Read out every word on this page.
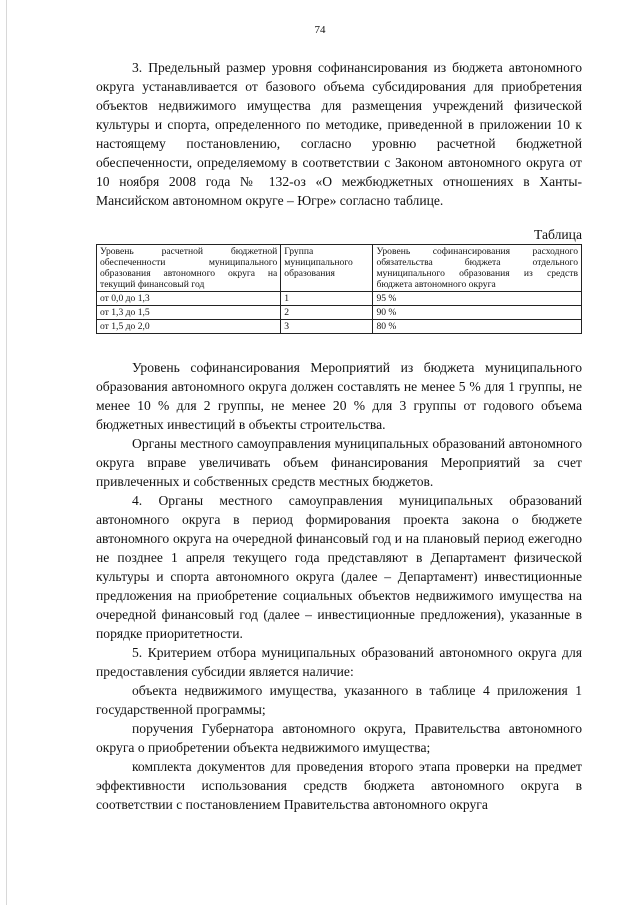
74

3. Предельный размер уровня софинансирования из бюджета автономного округа устанавливается от базового объема субсидирования для приобретения объектов недвижимого имущества для размещения учреждений физической культуры и спорта, определенного по методике, приведенной в приложении 10 к настоящему постановлению, согласно уровню расчетной бюджетной обеспеченности, определяемому в соответствии с Законом автономного округа от 10 ноября 2008 года № 132-оз «О межбюджетных отношениях в Ханты-Мансийском автономном округе – Югре» согласно таблице.

Таблица
Уровень расчетной бюджетной обеспеченности муниципального образования автономного округа на текущий финансовый год	Группа муниципального образования	Уровень софинансирования расходного обязательства бюджета отдельного муниципального образования из средств бюджета автономного округа
от 0,0 до 1,3	1	95 %
от 1,3 до 1,5	2	90 %
от 1,5 до 2,0	3	80 %

Уровень софинансирования Мероприятий из бюджета муниципального образования автономного округа должен составлять не менее 5 % для 1 группы, не менее 10 % для 2 группы, не менее 20 % для 3 группы от годового объема бюджетных инвестиций в объекты строительства.

Органы местного самоуправления муниципальных образований автономного округа вправе увеличивать объем финансирования Мероприятий за счет привлеченных и собственных средств местных бюджетов.

4. Органы местного самоуправления муниципальных образований автономного округа в период формирования проекта закона о бюджете автономного округа на очередной финансовый год и на плановый период ежегодно не позднее 1 апреля текущего года представляют в Департамент физической культуры и спорта автономного округа (далее – Департамент) инвестиционные предложения на приобретение социальных объектов недвижимого имущества на очередной финансовый год (далее – инвестиционные предложения), указанные в порядке приоритетности.

5. Критерием отбора муниципальных образований автономного округа для предоставления субсидии является наличие:

объекта недвижимого имущества, указанного в таблице 4 приложения 1 государственной программы;

поручения Губернатора автономного округа, Правительства автономного округа о приобретении объекта недвижимого имущества;

комплекта документов для проведения второго этапа проверки на предмет эффективности использования средств бюджета автономного округа в соответствии с постановлением Правительства автономного округа
